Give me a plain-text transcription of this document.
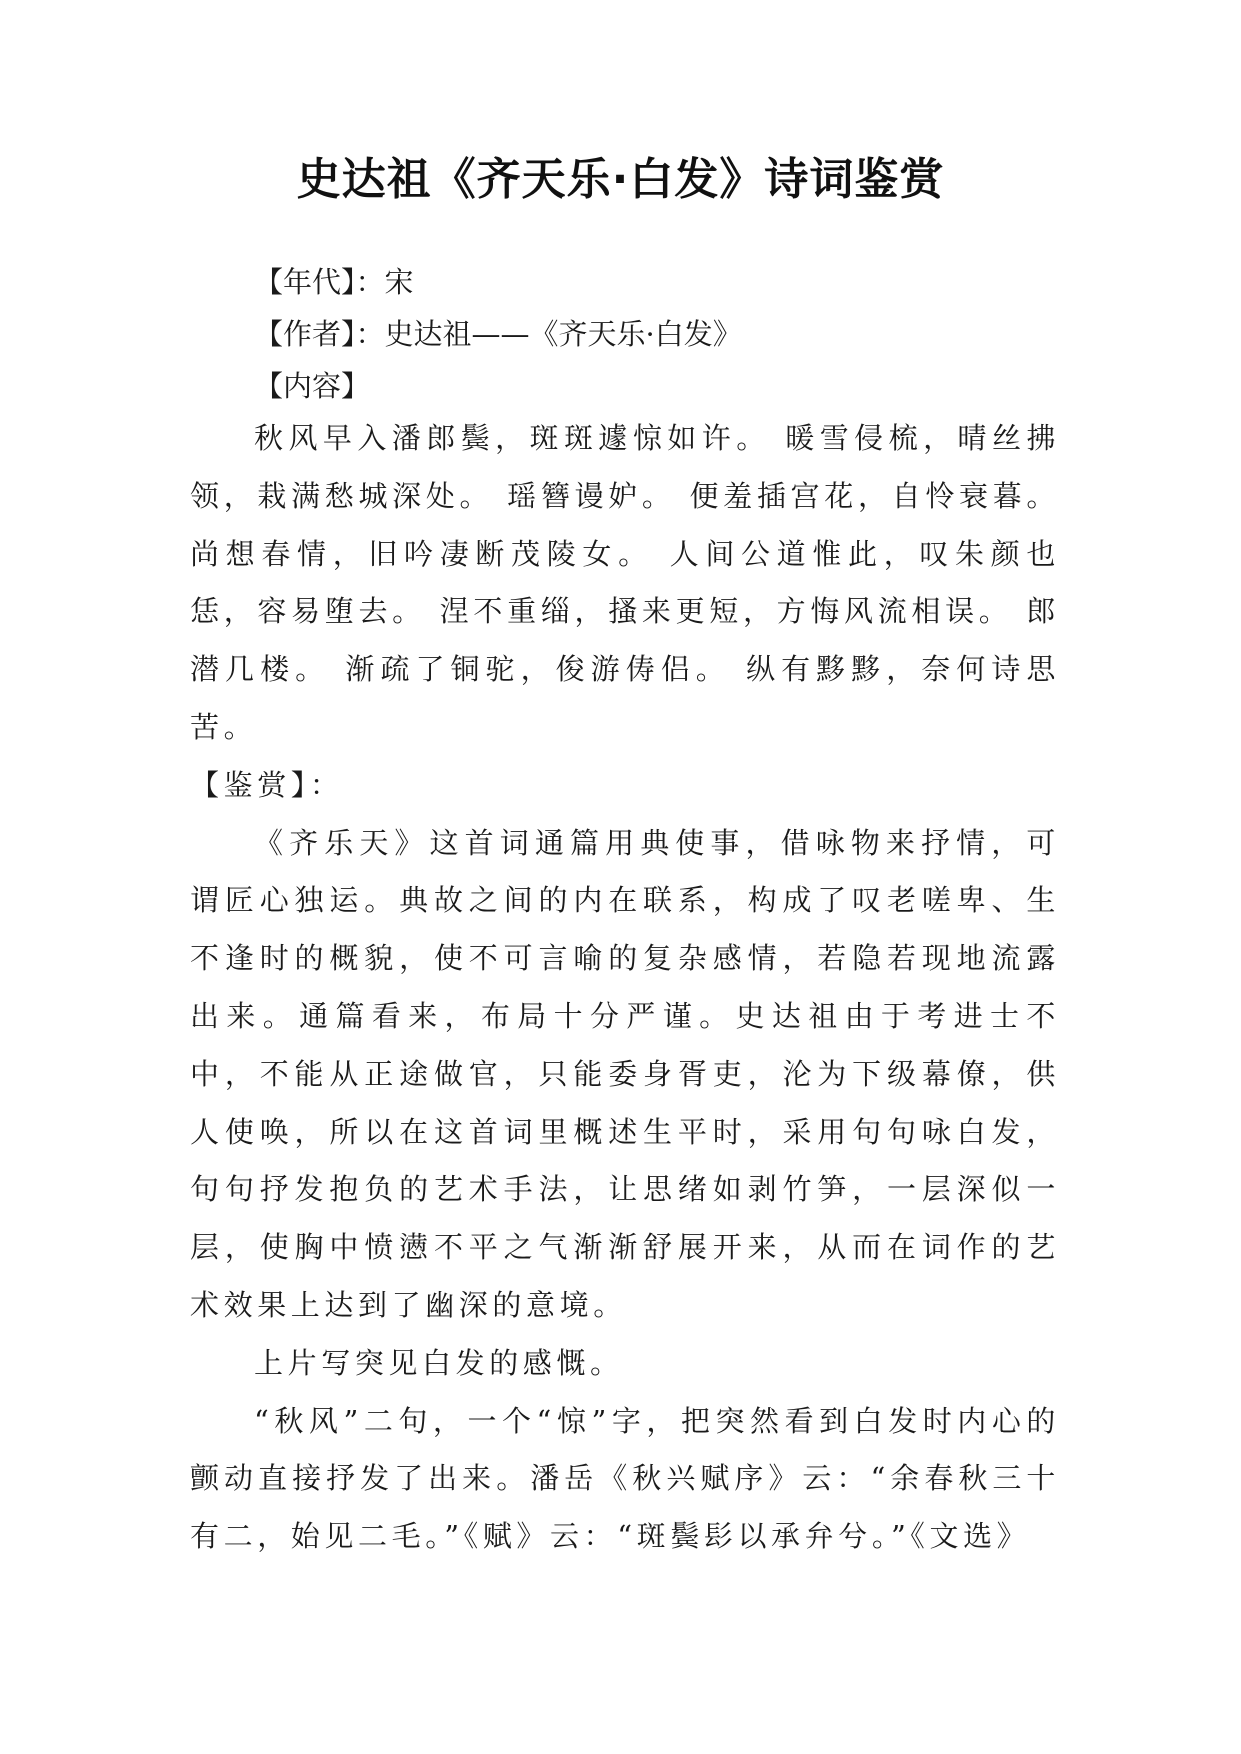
史达祖《齐天乐·白发》诗词鉴赏
【年代】：宋
【作者】：史达祖——《齐天乐·白发》
【内容】

秋风早入潘郎鬓，斑斑遽惊如许。 暖雪侵梳，晴丝拂领，栽满愁城深处。 瑶簪谩妒。 便羞插宫花，自怜衰暮。尚想春情，旧吟凄断茂陵女。 人间公道惟此，叹朱颜也恁，容易堕去。 涅不重缁，搔来更短，方悔风流相误。 郎潜几楼。 渐疏了铜驼，俊游俦侣。 纵有黟黟，奈何诗思苦。

【鉴赏】：

《齐乐天》这首词通篇用典使事，借咏物来抒情，可谓匠心独运。典故之间的内在联系，构成了叹老嗟卑、生不逢时的概貌，使不可言喻的复杂感情，若隐若现地流露出来。通篇看来，布局十分严谨。史达祖由于考进士不中，不能从正途做官，只能委身胥吏，沦为下级幕僚，供人使唤，所以在这首词里概述生平时，采用句句咏白发，句句抒发抱负的艺术手法，让思绪如剥竹笋，一层深似一层，使胸中愤懑不平之气渐渐舒展开来，从而在词作的艺术效果上达到了幽深的意境。

上片写突见白发的感慨。

“秋风”二句，一个“惊”字，把突然看到白发时内心的颤动直接抒发了出来。潘岳《秋兴赋序》云：“余春秋三十有二，始见二毛。”《赋》云：“斑鬓髟以承弁兮。”《文选》
